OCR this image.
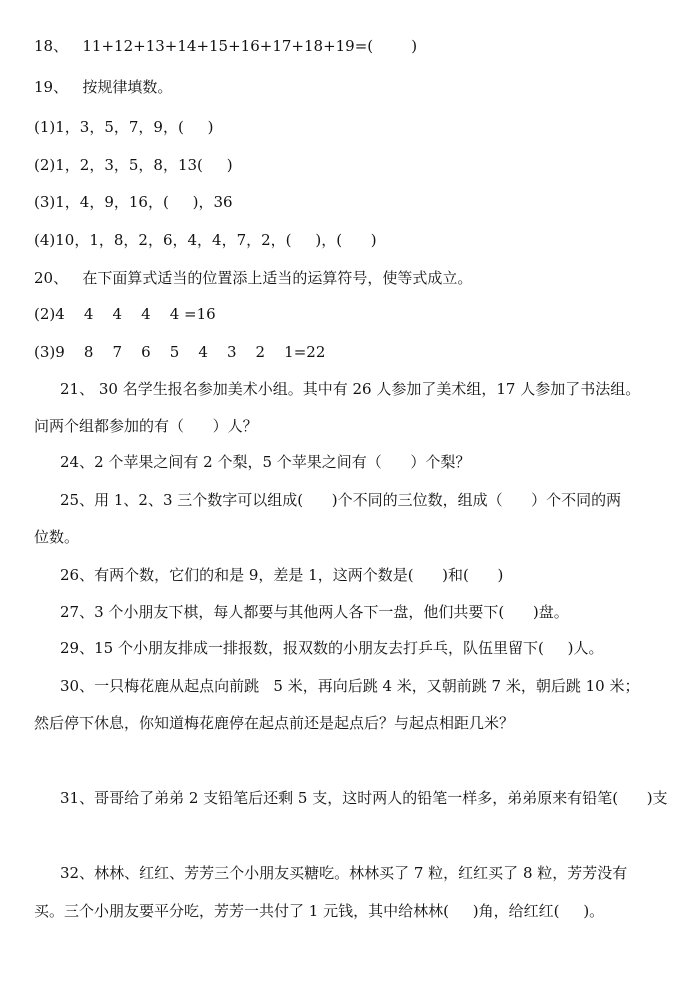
18、   11+12+13+14+15+16+17+18+19=(        )
19、   按规律填数。
(1)1，3，5，7，9，(     )
(2)1，2，3，5，8，13(     )
(3)1，4，9，16，(     )，36
(4)10，1，8，2，6，4，4，7，2，(     )，(      )
20、   在下面算式适当的位置添上适当的运算符号，使等式成立。
(2)4    4    4    4    4 =16
(3)9    8    7    6    5    4    3    2    1=22
21、 30 名学生报名参加美术小组。其中有 26 人参加了美术组，17 人参加了书法组。
问两个组都参加的有（      ）人？
24、2 个苹果之间有 2 个梨，5 个苹果之间有（      ）个梨？
25、用 1、2、3 三个数字可以组成(      )个不同的三位数，组成（      ）个不同的两
位数。
26、有两个数，它们的和是 9，差是 1，这两个数是(      )和(      )
27、3 个小朋友下棋，每人都要与其他两人各下一盘，他们共要下(      )盘。
29、15 个小朋友排成一排报数，报双数的小朋友去打乒乓，队伍里留下(     )人。
30、一只梅花鹿从起点向前跳   5 米，再向后跳 4 米，又朝前跳 7 米，朝后跳 10 米；
然后停下休息，你知道梅花鹿停在起点前还是起点后？与起点相距几米？
31、哥哥给了弟弟 2 支铅笔后还剩 5 支，这时两人的铅笔一样多，弟弟原来有铅笔(      )支
32、林林、红红、芳芳三个小朋友买糖吃。林林买了 7 粒，红红买了 8 粒，芳芳没有
买。三个小朋友要平分吃，芳芳一共付了 1 元钱，其中给林林(     )角，给红红(     )。
